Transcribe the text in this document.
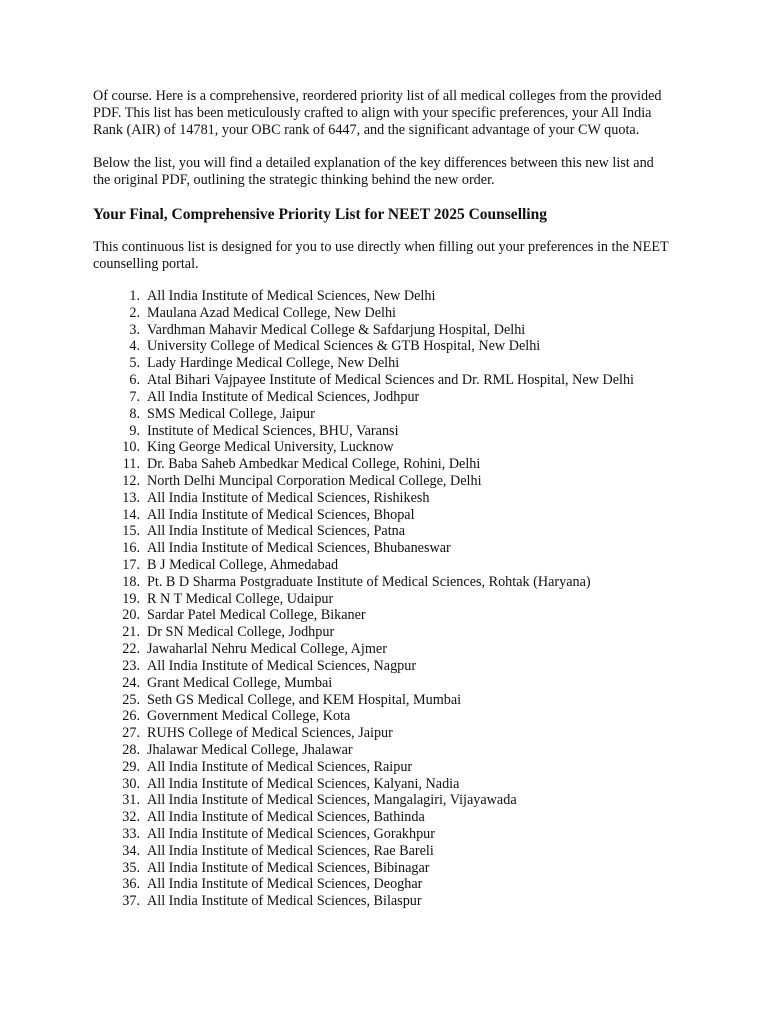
Of course. Here is a comprehensive, reordered priority list of all medical colleges from the provided PDF. This list has been meticulously crafted to align with your specific preferences, your All India Rank (AIR) of 14781, your OBC rank of 6447, and the significant advantage of your CW quota.

Below the list, you will find a detailed explanation of the key differences between this new list and the original PDF, outlining the strategic thinking behind the new order.

Your Final, Comprehensive Priority List for NEET 2025 Counselling

This continuous list is designed for you to use directly when filling out your preferences in the NEET counselling portal.

1. All India Institute of Medical Sciences, New Delhi
2. Maulana Azad Medical College, New Delhi
3. Vardhman Mahavir Medical College & Safdarjung Hospital, Delhi
4. University College of Medical Sciences & GTB Hospital, New Delhi
5. Lady Hardinge Medical College, New Delhi
6. Atal Bihari Vajpayee Institute of Medical Sciences and Dr. RML Hospital, New Delhi
7. All India Institute of Medical Sciences, Jodhpur
8. SMS Medical College, Jaipur
9. Institute of Medical Sciences, BHU, Varansi
10. King George Medical University, Lucknow
11. Dr. Baba Saheb Ambedkar Medical College, Rohini, Delhi
12. North Delhi Muncipal Corporation Medical College, Delhi
13. All India Institute of Medical Sciences, Rishikesh
14. All India Institute of Medical Sciences, Bhopal
15. All India Institute of Medical Sciences, Patna
16. All India Institute of Medical Sciences, Bhubaneswar
17. B J Medical College, Ahmedabad
18. Pt. B D Sharma Postgraduate Institute of Medical Sciences, Rohtak (Haryana)
19. R N T Medical College, Udaipur
20. Sardar Patel Medical College, Bikaner
21. Dr SN Medical College, Jodhpur
22. Jawaharlal Nehru Medical College, Ajmer
23. All India Institute of Medical Sciences, Nagpur
24. Grant Medical College, Mumbai
25. Seth GS Medical College, and KEM Hospital, Mumbai
26. Government Medical College, Kota
27. RUHS College of Medical Sciences, Jaipur
28. Jhalawar Medical College, Jhalawar
29. All India Institute of Medical Sciences, Raipur
30. All India Institute of Medical Sciences, Kalyani, Nadia
31. All India Institute of Medical Sciences, Mangalagiri, Vijayawada
32. All India Institute of Medical Sciences, Bathinda
33. All India Institute of Medical Sciences, Gorakhpur
34. All India Institute of Medical Sciences, Rae Bareli
35. All India Institute of Medical Sciences, Bibinagar
36. All India Institute of Medical Sciences, Deoghar
37. All India Institute of Medical Sciences, Bilaspur
